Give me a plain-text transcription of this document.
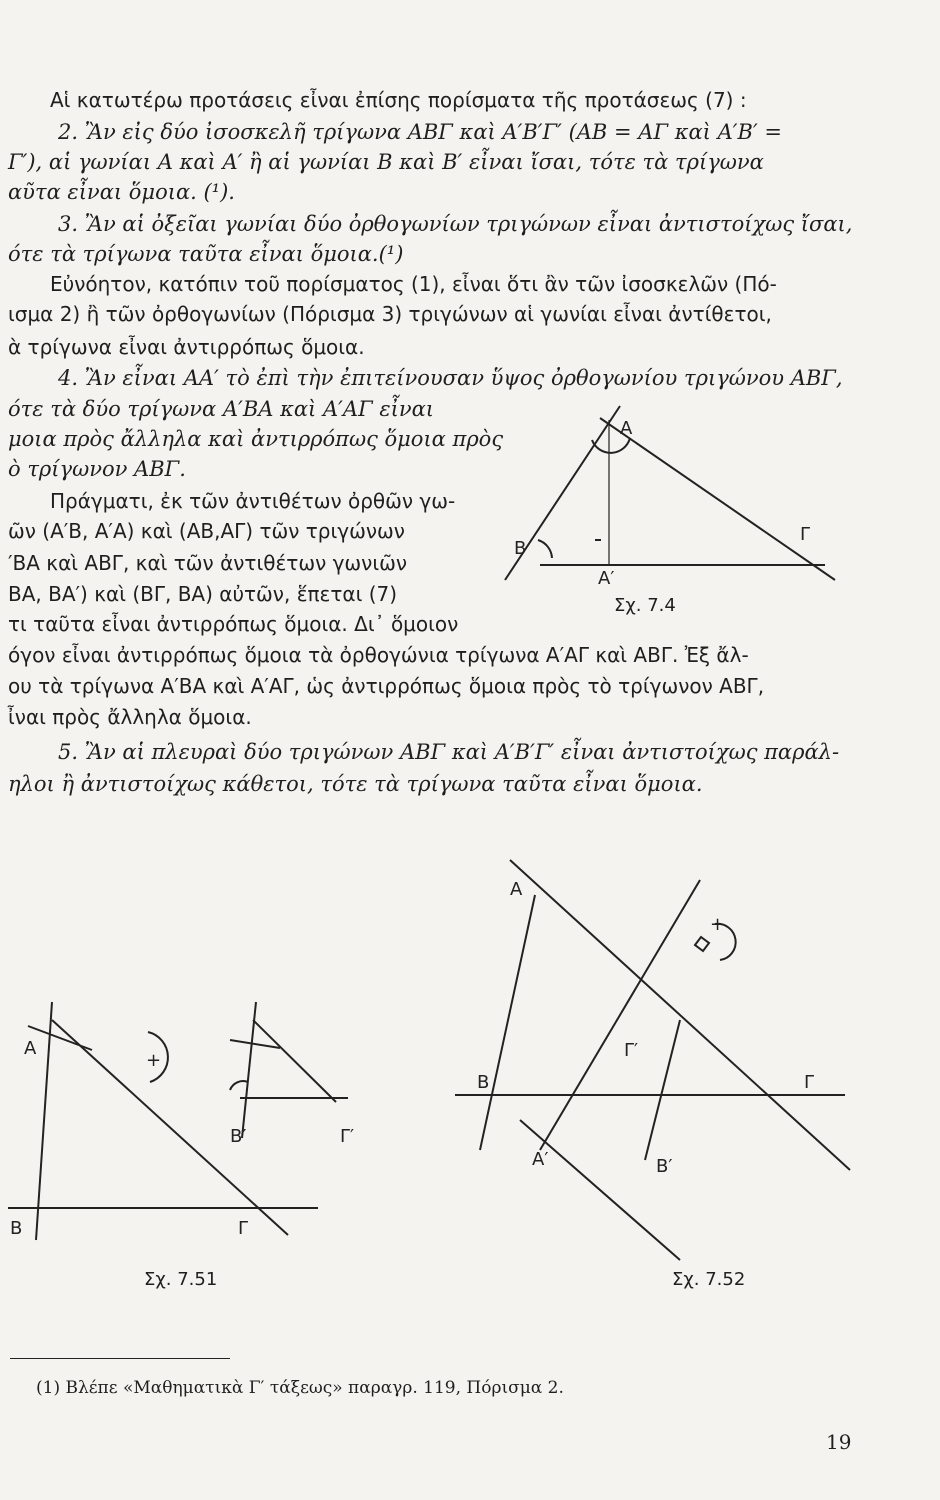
Αἱ κατωτέρω προτάσεις εἶναι ἐπίσης πορίσματα τῆς προτάσεως (7) :
2. Ἂν εἰς δύο ἰσοσκελῆ τρίγωνα ΑΒΓ καὶ Α′Β′Γ′ (ΑΒ = ΑΓ καὶ Α′Β′ =
Γ′), αἱ γωνίαι Α καὶ Α′ ἢ αἱ γωνίαι Β καὶ Β′ εἶναι ἴσαι, τότε τὰ τρίγωνα
αῦτα εἶναι ὅμοια. (¹).
3. Ἂν αἱ ὀξεῖαι γωνίαι δύο ὀρθογωνίων τριγώνων εἶναι ἀντιστοίχως ἴσαι,
ότε τὰ τρίγωνα ταῦτα εἶναι ὅμοια.(¹)
Εὐνόητον, κατόπιν τοῦ πορίσματος (1), εἶναι ὅτι ἂν τῶν ἰσοσκελῶν (Πό-
ισμα 2) ἢ τῶν ὀρθογωνίων (Πόρισμα 3) τριγώνων αἱ γωνίαι εἶναι ἀντίθετοι,
ὰ τρίγωνα εἶναι ἀντιρρόπως ὅμοια.
4. Ἂν εἶναι ΑΑ′ τὸ ἐπὶ τὴν ἐπιτείνουσαν ὕψος ὀρθογωνίου τριγώνου ΑΒΓ,
ότε τὰ δύο τρίγωνα Α′ΒΑ καὶ Α′ΑΓ εἶναι
μοια πρὸς ἄλληλα καὶ ἀντιρρόπως ὅμοια πρὸς
ὸ τρίγωνον ΑΒΓ.
Πράγματι, ἐκ τῶν ἀντιθέτων ὀρθῶν γω-
ῶν (Α′Β, Α′Α) καὶ (ΑΒ,ΑΓ) τῶν τριγώνων
′ΒΑ καὶ ΑΒΓ, καὶ τῶν ἀντιθέτων γωνιῶν
ΒΑ, ΒΑ′) καὶ (ΒΓ, ΒΑ) αὐτῶν, ἕπεται (7)
τι ταῦτα εἶναι ἀντιρρόπως ὅμοια. Δι᾽ ὅμοιον
όγον εἶναι ἀντιρρόπως ὅμοια τὰ ὀρθογώνια τρίγωνα Α′ΑΓ καὶ ΑΒΓ. Ἐξ ἄλ-
ου τὰ τρίγωνα Α′ΒΑ καὶ Α′ΑΓ, ὡς ἀντιρρόπως ὅμοια πρὸς τὸ τρίγωνον ΑΒΓ,
ἶναι πρὸς ἄλληλα ὅμοια.
5. Ἂν αἱ πλευραὶ δύο τριγώνων ΑΒΓ καὶ Α′Β′Γ′ εἶναι ἀντιστοίχως παράλ-
ηλοι ἢ ἀντιστοίχως κάθετοι, τότε τὰ τρίγωνα ταῦτα εἶναι ὅμοια.
Α
Β
Γ
Α′
Σχ. 7.4
Α
+
Β	Γ
Β′	Γ′
Σχ. 7.51
Α
+
Γ′
Β	Γ
Α′	Β′
Σχ. 7.52
(1) Βλέπε «Μαθηματικὰ Γ′ τάξεως» παραγρ. 119, Πόρισμα 2.
19
